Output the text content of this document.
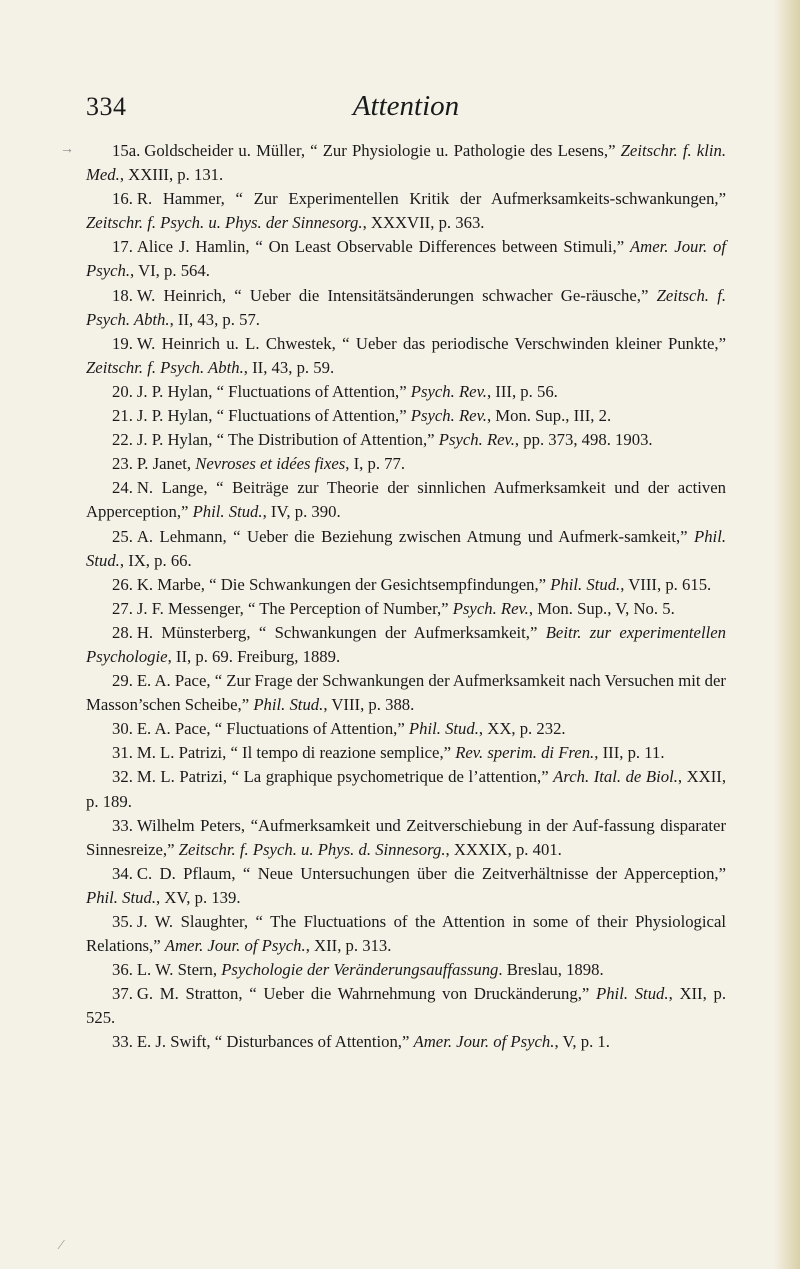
334	Attention
→
⁄
15a. Goldscheider u. Müller, “ Zur Physiologie u. Pathologie des Lesens,” Zeitschr. f. klin. Med., XXIII, p. 131.
16. R. Hammer, “ Zur Experimentellen Kritik der Aufmerksamkeits-schwankungen,” Zeitschr. f. Psych. u. Phys. der Sinnesorg., XXXVII, p. 363.
17. Alice J. Hamlin, “ On Least Observable Differences between Stimuli,” Amer. Jour. of Psych., VI, p. 564.
18. W. Heinrich, “ Ueber die Intensitätsänderungen schwacher Ge-räusche,” Zeitsch. f. Psych. Abth., II, 43, p. 57.
19. W. Heinrich u. L. Chwestek, “ Ueber das periodische Verschwinden kleiner Punkte,” Zeitschr. f. Psych. Abth., II, 43, p. 59.
20. J. P. Hylan, “ Fluctuations of Attention,” Psych. Rev., III, p. 56.
21. J. P. Hylan, “ Fluctuations of Attention,” Psych. Rev., Mon. Sup., III, 2.
22. J. P. Hylan, “ The Distribution of Attention,” Psych. Rev., pp. 373, 498. 1903.
23. P. Janet, Nevroses et idées fixes, I, p. 77.
24. N. Lange, “ Beiträge zur Theorie der sinnlichen Aufmerksamkeit und der activen Apperception,” Phil. Stud., IV, p. 390.
25. A. Lehmann, “ Ueber die Beziehung zwischen Atmung und Aufmerk-samkeit,” Phil. Stud., IX, p. 66.
26. K. Marbe, “ Die Schwankungen der Gesichtsempfindungen,” Phil. Stud., VIII, p. 615.
27. J. F. Messenger, “ The Perception of Number,” Psych. Rev., Mon. Sup., V, No. 5.
28. H. Münsterberg, “ Schwankungen der Aufmerksamkeit,” Beitr. zur experimentellen Psychologie, II, p. 69. Freiburg, 1889.
29. E. A. Pace, “ Zur Frage der Schwankungen der Aufmerksamkeit nach Versuchen mit der Masson’schen Scheibe,” Phil. Stud., VIII, p. 388.
30. E. A. Pace, “ Fluctuations of Attention,” Phil. Stud., XX, p. 232.
31. M. L. Patrizi, “ Il tempo di reazione semplice,” Rev. sperim. di Fren., III, p. 11.
32. M. L. Patrizi, “ La graphique psychometrique de l’attention,” Arch. Ital. de Biol., XXII, p. 189.
33. Wilhelm Peters, “Aufmerksamkeit und Zeitverschiebung in der Auf-fassung disparater Sinnesreize,” Zeitschr. f. Psych. u. Phys. d. Sinnesorg., XXXIX, p. 401.
34. C. D. Pflaum, “ Neue Untersuchungen über die Zeitverhältnisse der Apperception,” Phil. Stud., XV, p. 139.
35. J. W. Slaughter, “ The Fluctuations of the Attention in some of their Physiological Relations,” Amer. Jour. of Psych., XII, p. 313.
36. L. W. Stern, Psychologie der Veränderungsauffassung. Breslau, 1898.
37. G. M. Stratton, “ Ueber die Wahrnehmung von Druckänderung,” Phil. Stud., XII, p. 525.
33. E. J. Swift, “ Disturbances of Attention,” Amer. Jour. of Psych., V, p. 1.
